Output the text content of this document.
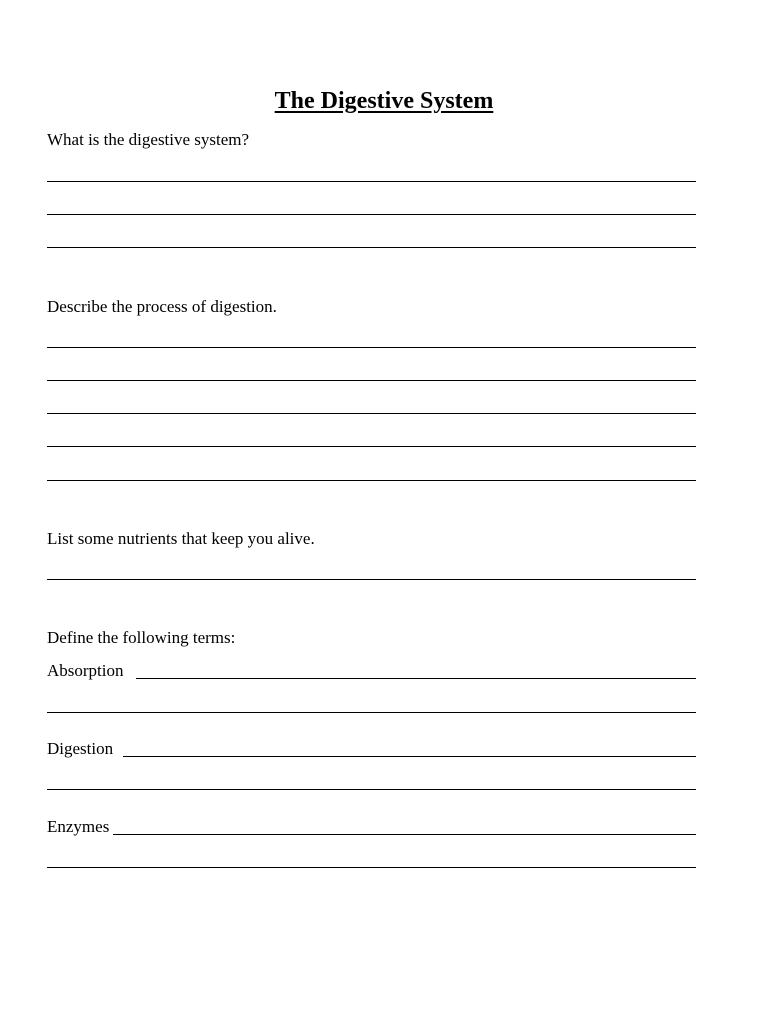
The Digestive System
What is the digestive system?
Describe the process of digestion.
List some nutrients that keep you alive.
Define the following terms:
Absorption
Digestion
Enzymes
